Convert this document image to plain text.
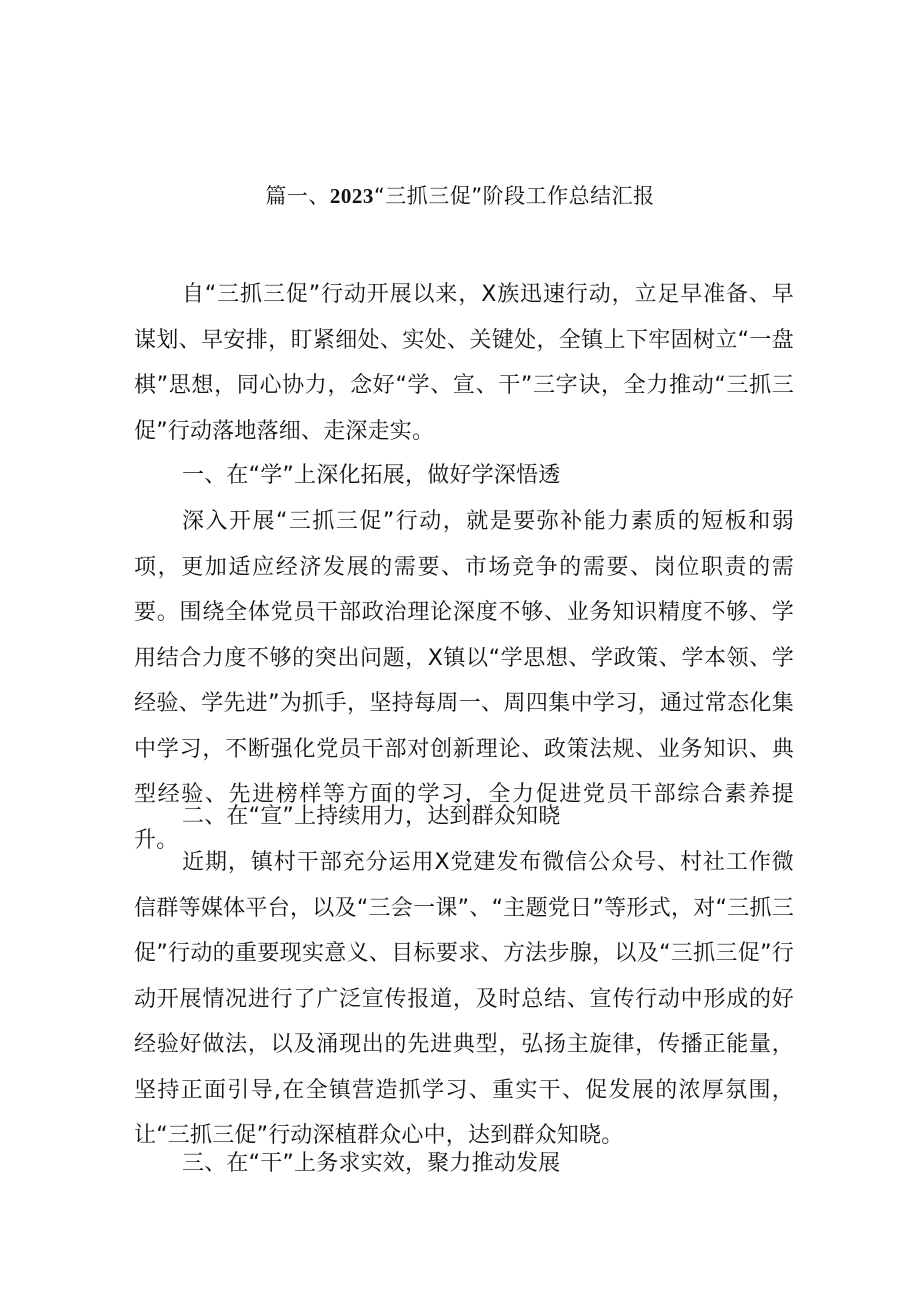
篇一、2023“三抓三促”阶段工作总结汇报

自“三抓三促”行动开展以来，X族迅速行动，立足早准备、早谋划、早安排，盯紧细处、实处、关键处，全镇上下牢固树立“一盘棋”思想，同心协力，念好“学、宣、干”三字诀，全力推动“三抓三促”行动落地落细、走深走实。

一、在“学”上深化拓展，做好学深悟透

深入开展“三抓三促”行动，就是要弥补能力素质的短板和弱项，更加适应经济发展的需要、市场竞争的需要、岗位职责的需要。围绕全体党员干部政治理论深度不够、业务知识精度不够、学用结合力度不够的突出问题，X镇以“学思想、学政策、学本领、学经验、学先进”为抓手，坚持每周一、周四集中学习，通过常态化集中学习，不断强化党员干部对创新理论、政策法规、业务知识、典型经验、先进榜样等方面的学习，全力促进党员干部综合素养提升。

二、在“宣”上持续用力，达到群众知晓

近期，镇村干部充分运用X党建发布微信公众号、村社工作微信群等媒体平台，以及“三会一课”、“主题党日”等形式，对“三抓三促”行动的重要现实意义、目标要求、方法步腺，以及“三抓三促”行动开展情况进行了广泛宣传报道，及时总结、宣传行动中形成的好经验好做法，以及涌现出的先进典型，弘扬主旋律，传播正能量，坚持正面引导,在全镇营造抓学习、重实干、促发展的浓厚氛围，让“三抓三促”行动深植群众心中，达到群众知晓。

三、在“干”上务求实效，聚力推动发展
